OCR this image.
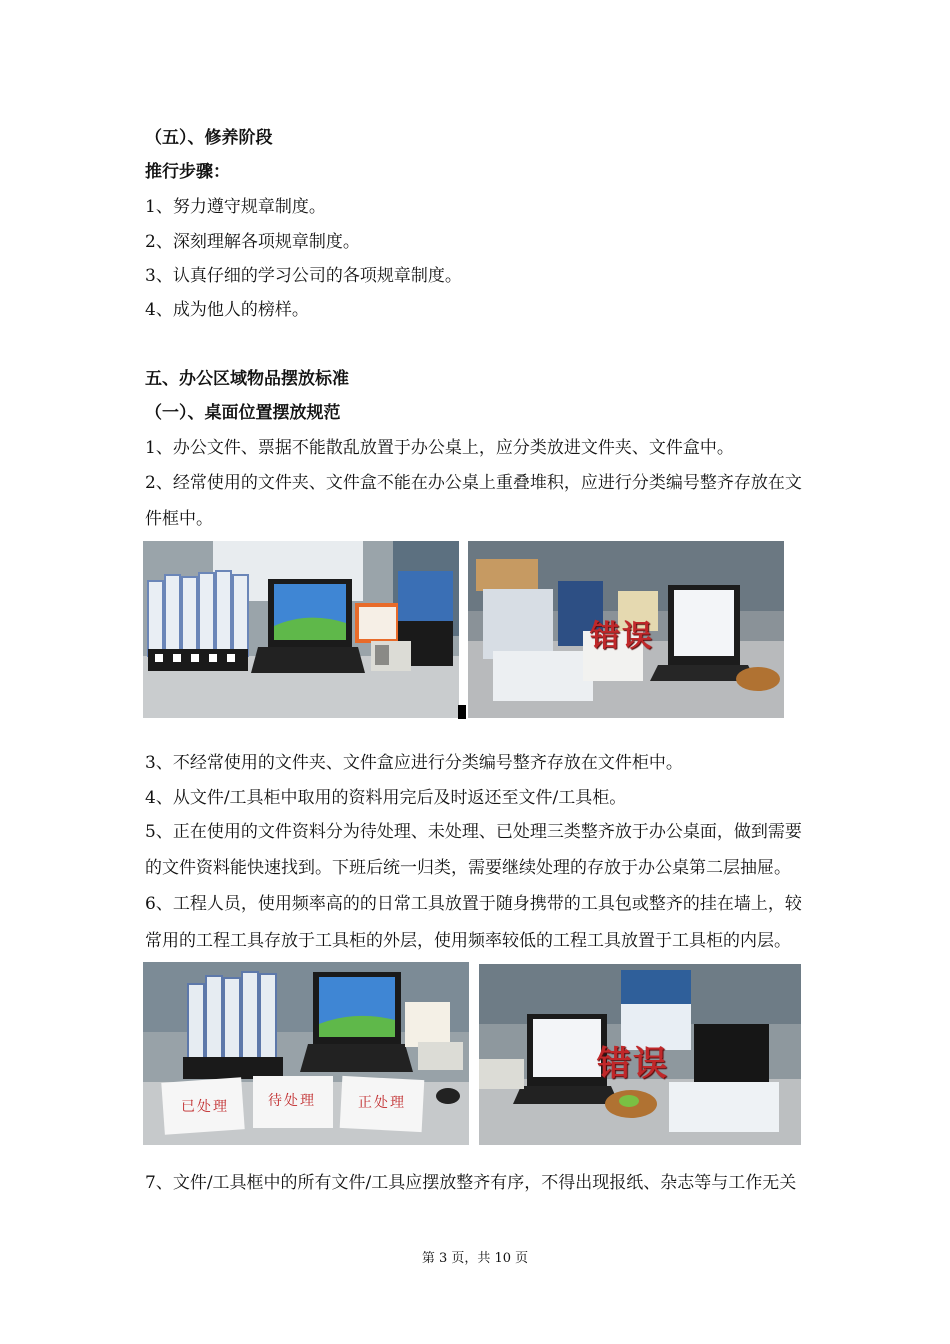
（五）、修养阶段
推行步骤：
1、努力遵守规章制度。
2、深刻理解各项规章制度。
3、认真仔细的学习公司的各项规章制度。
4、成为他人的榜样。
五、办公区域物品摆放标准
（一）、桌面位置摆放规范
1、办公文件、票据不能散乱放置于办公桌上，应分类放进文件夹、文件盒中。
2、经常使用的文件夹、文件盒不能在办公桌上重叠堆积，应进行分类编号整齐存放在文
件框中。
错误
3、不经常使用的文件夹、文件盒应进行分类编号整齐存放在文件柜中。
4、从文件/工具柜中取用的资料用完后及时返还至文件/工具柜。
5、正在使用的文件资料分为待处理、未处理、已处理三类整齐放于办公桌面，做到需要
的文件资料能快速找到。下班后统一归类，需要继续处理的存放于办公桌第二层抽屉。
6、工程人员，使用频率高的的日常工具放置于随身携带的工具包或整齐的挂在墙上，较
常用的工程工具存放于工具柜的外层，使用频率较低的工程工具放置于工具柜的内层。
已处理	待处理	正处理
错误
7、文件/工具框中的所有文件/工具应摆放整齐有序，不得出现报纸、杂志等与工作无关
第 3 页，共 10 页
